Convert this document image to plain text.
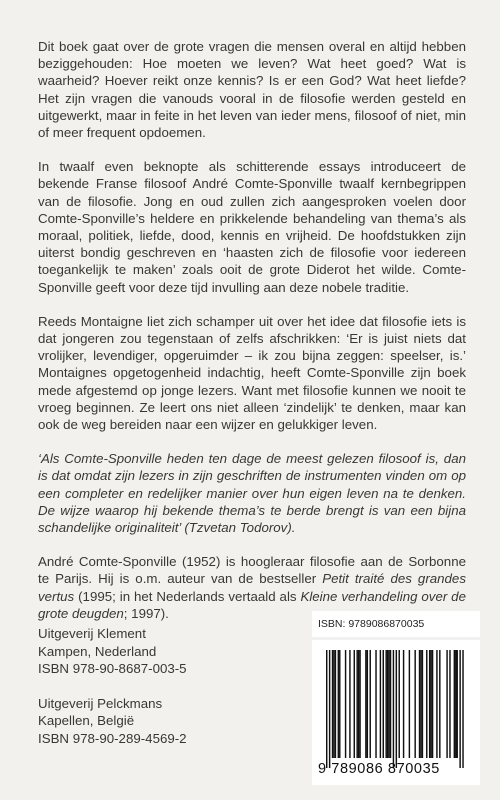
Dit boek gaat over de grote vragen die mensen overal en altijd hebben beziggehouden: Hoe moeten we leven? Wat heet goed? Wat is waarheid? Hoever reikt onze kennis? Is er een God? Wat heet liefde? Het zijn vragen die vanouds vooral in de filosofie werden gesteld en uitgewerkt, maar in feite in het leven van ieder mens, filosoof of niet, min of meer frequent opdoemen.

In twaalf even beknopte als schitterende essays introduceert de bekende Franse filosoof André Comte-Sponville twaalf kernbegrippen van de filosofie. Jong en oud zullen zich aangesproken voelen door Comte-Sponville’s heldere en prikkelende behandeling van thema’s als moraal, politiek, liefde, dood, kennis en vrijheid. De hoofdstukken zijn uiterst bondig geschreven en ‘haasten zich de filosofie voor iedereen toegankelijk te maken’ zoals ooit de grote Diderot het wilde. Comte-Sponville geeft voor deze tijd invulling aan deze nobele traditie.

Reeds Montaigne liet zich schamper uit over het idee dat filosofie iets is dat jongeren zou tegenstaan of zelfs afschrikken: ‘Er is juist niets dat vrolijker, levendiger, opgeruimder – ik zou bijna zeggen: speelser, is.’ Montaignes opgetogenheid indachtig, heeft Comte-Sponville zijn boek mede afgestemd op jonge lezers. Want met filosofie kunnen we nooit te vroeg beginnen. Ze leert ons niet alleen ‘zindelijk’ te denken, maar kan ook de weg bereiden naar een wijzer en gelukkiger leven.

‘Als Comte-Sponville heden ten dage de meest gelezen filosoof is, dan is dat omdat zijn lezers in zijn geschriften de instrumenten vinden om op een completer en redelijker manier over hun eigen leven na te denken. De wijze waarop hij bekende thema’s te berde brengt is van een bijna schandelijke originaliteit’ (Tzvetan Todorov).

André Comte-Sponville (1952) is hoogleraar filosofie aan de Sorbonne te Parijs. Hij is o.m. auteur van de bestseller Petit traité des grandes vertus (1995; in het Nederlands vertaald als Kleine verhandeling over de grote deugden; 1997).

Uitgeverij Klement
Kampen, Nederland
ISBN 978-90-8687-003-5
Uitgeverij Pelckmans
Kapellen, België
ISBN 978-90-289-4569-2
ISBN: 9789086870035
9 789086 870035
